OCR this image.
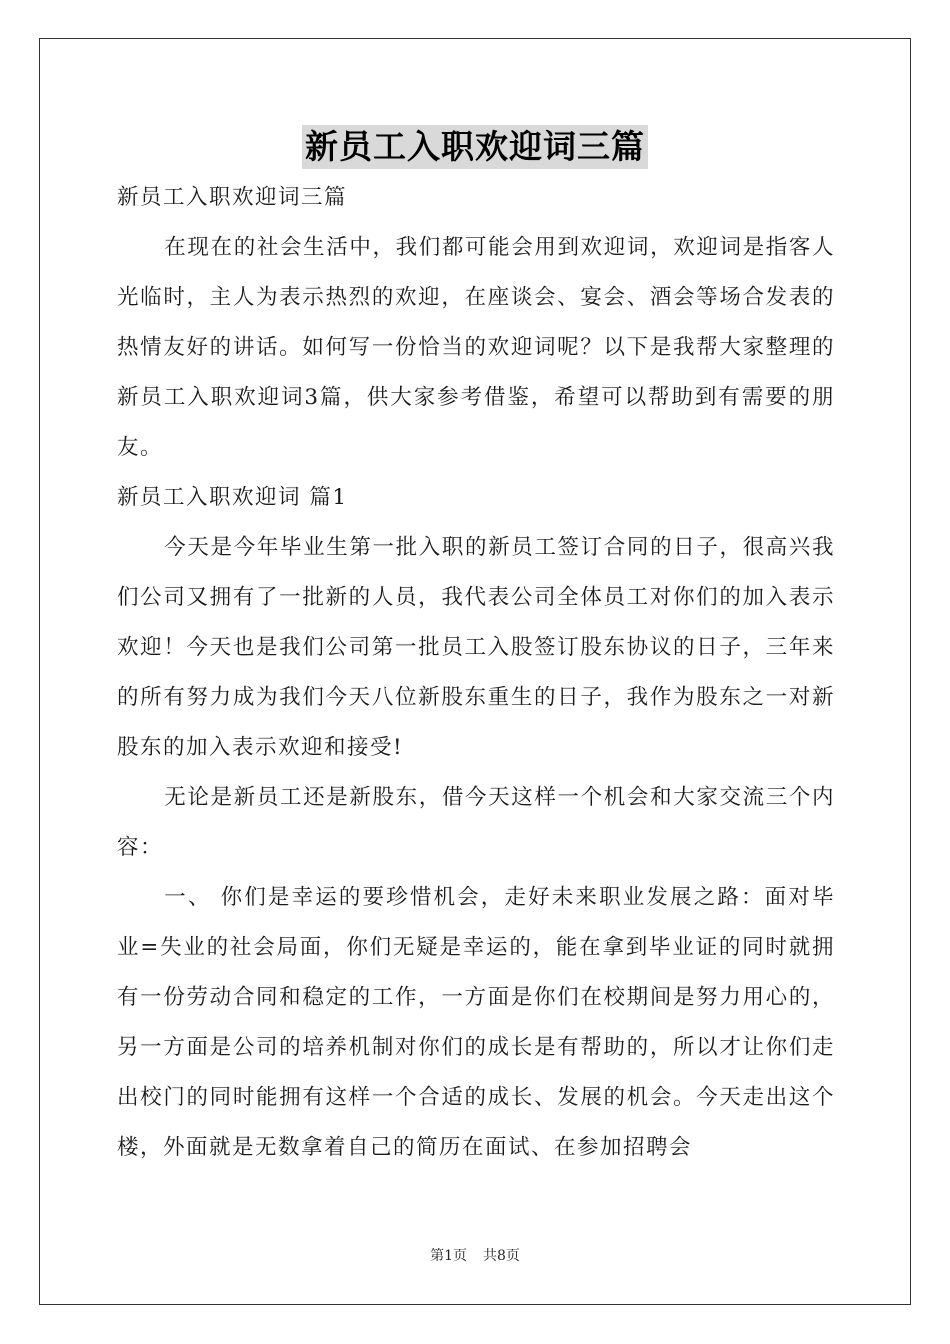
新员工入职欢迎词三篇

新员工入职欢迎词三篇

在现在的社会生活中，我们都可能会用到欢迎词，欢迎词是指客人光临时，主人为表示热烈的欢迎，在座谈会、宴会、酒会等场合发表的热情友好的讲话。如何写一份恰当的欢迎词呢？以下是我帮大家整理的新员工入职欢迎词3篇，供大家参考借鉴，希望可以帮助到有需要的朋友。

新员工入职欢迎词 篇1

今天是今年毕业生第一批入职的新员工签订合同的日子，很高兴我们公司又拥有了一批新的人员，我代表公司全体员工对你们的加入表示欢迎！今天也是我们公司第一批员工入股签订股东协议的日子，三年来的所有努力成为我们今天八位新股东重生的日子，我作为股东之一对新股东的加入表示欢迎和接受!

无论是新员工还是新股东，借今天这样一个机会和大家交流三个内容：

一、 你们是幸运的要珍惜机会，走好未来职业发展之路：面对毕业=失业的社会局面，你们无疑是幸运的，能在拿到毕业证的同时就拥有一份劳动合同和稳定的工作，一方面是你们在校期间是努力用心的，另一方面是公司的培养机制对你们的成长是有帮助的，所以才让你们走出校门的同时能拥有这样一个合适的成长、发展的机会。今天走出这个楼，外面就是无数拿着自己的简历在面试、在参加招聘会

第1页 共8页
